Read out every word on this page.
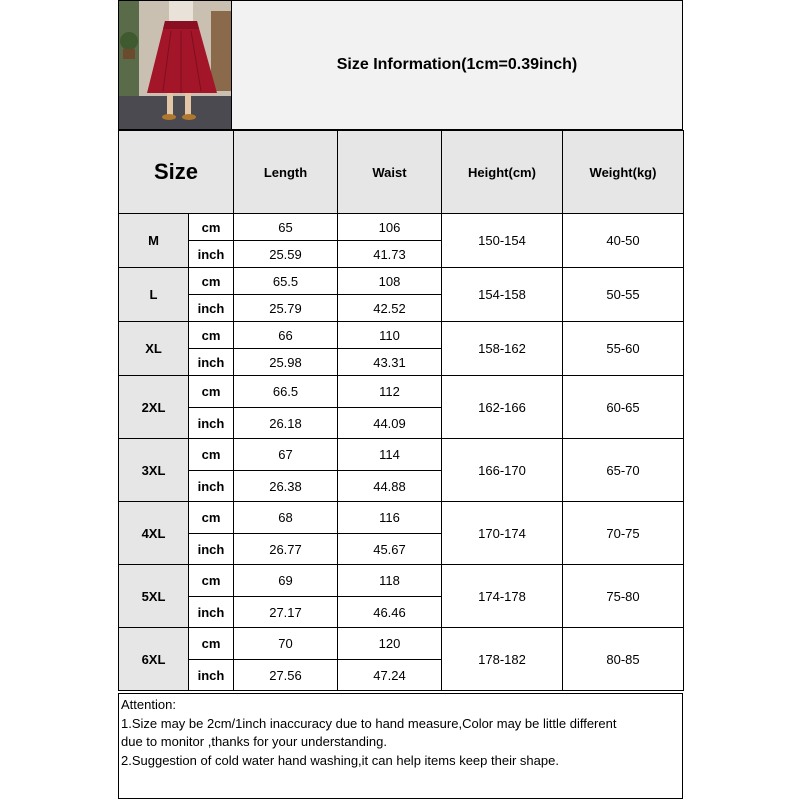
Size Information(1cm=0.39inch)
Size		Length	Waist	Height(cm)	Weight(kg)
M	cm	65	106	150-154	40-50
	inch	25.59	41.73		
L	cm	65.5	108	154-158	50-55
	inch	25.79	42.52		
XL	cm	66	110	158-162	55-60
	inch	25.98	43.31		
2XL	cm	66.5	112	162-166	60-65
	inch	26.18	44.09		
3XL	cm	67	114	166-170	65-70
	inch	26.38	44.88		
4XL	cm	68	116	170-174	70-75
	inch	26.77	45.67		
5XL	cm	69	118	174-178	75-80
	inch	27.17	46.46		
6XL	cm	70	120	178-182	80-85
	inch	27.56	47.24		
Attention:
1.Size may be 2cm/1inch inaccuracy due to hand measure,Color may be little different
due to monitor ,thanks for your understanding.
2.Suggestion of cold water hand washing,it can help items keep their shape.
